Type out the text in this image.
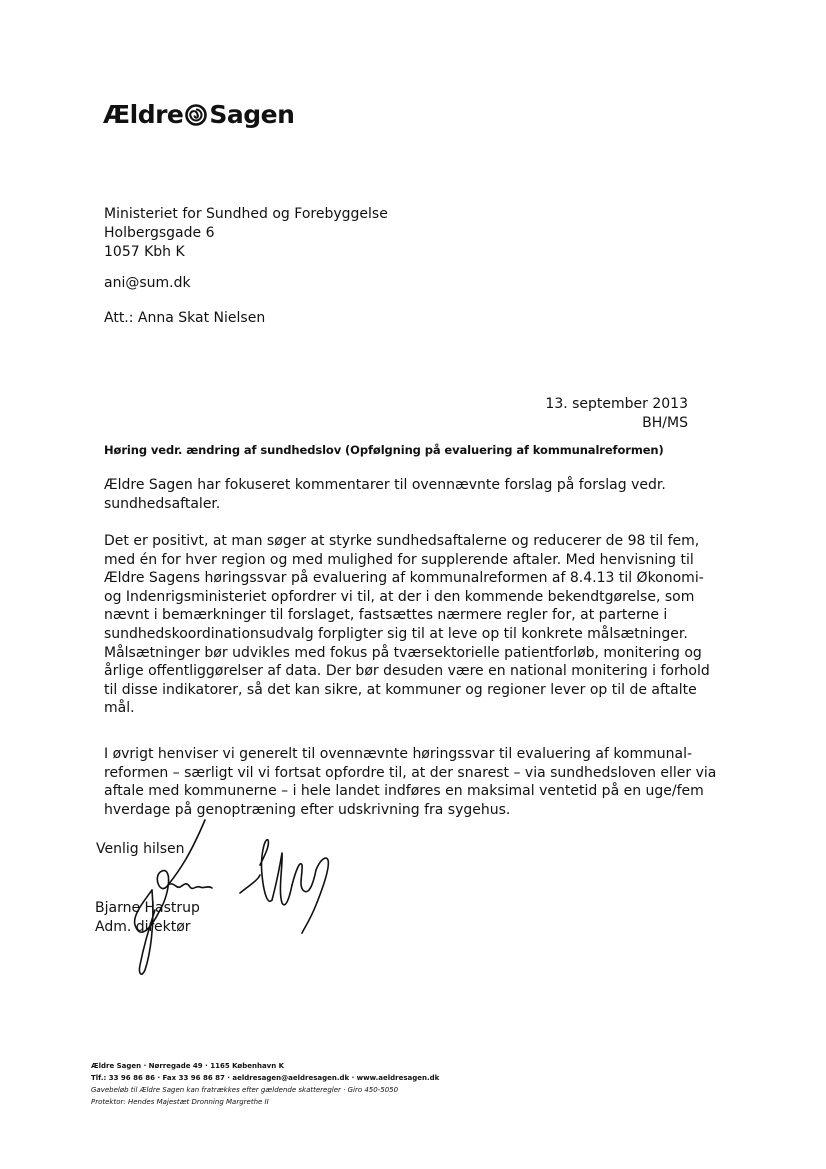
Ældre Sagen
Ministeriet for Sundhed og Forebyggelse
Holbergsgade 6
1057 Kbh K
ani@sum.dk
Att.: Anna Skat Nielsen
13. september 2013
BH/MS
Høring vedr. ændring af sundhedslov (Opfølgning på evaluering af kommunalreformen)
Ældre Sagen har fokuseret kommentarer til ovennævnte forslag på forslag vedr.
sundhedsaftaler.
Det er positivt, at man søger at styrke sundhedsaftalerne og reducerer de 98 til fem,
med én for hver region og med mulighed for supplerende aftaler. Med henvisning til
Ældre Sagens høringssvar på evaluering af kommunalreformen af 8.4.13 til Økonomi-
og Indenrigsministeriet opfordrer vi til, at der i den kommende bekendtgørelse, som
nævnt i bemærkninger til forslaget, fastsættes nærmere regler for, at parterne i
sundhedskoordinationsudvalg forpligter sig til at leve op til konkrete målsætninger.
Målsætninger bør udvikles med fokus på tværsektorielle patientforløb, monitering og
årlige offentliggørelser af data. Der bør desuden være en national monitering i forhold
til disse indikatorer, så det kan sikre, at kommuner og regioner lever op til de aftalte
mål.
I øvrigt henviser vi generelt til ovennævnte høringssvar til evaluering af kommunal-
reformen – særligt vil vi fortsat opfordre til, at der snarest – via sundhedsloven eller via
aftale med kommunerne – i hele landet indføres en maksimal ventetid på en uge/fem
hverdage på genoptræning efter udskrivning fra sygehus.
Venlig hilsen
Bjarne Hastrup
Adm. direktør
Ældre Sagen · Nørregade 49 · 1165 København K
Tlf.: 33 96 86 86 · Fax 33 96 86 87 · aeldresagen@aeldresagen.dk · www.aeldresagen.dk
Gavebeløb til Ældre Sagen kan fratrækkes efter gældende skatteregler · Giro 450-5050
Protektor: Hendes Majestæt Dronning Margrethe II
